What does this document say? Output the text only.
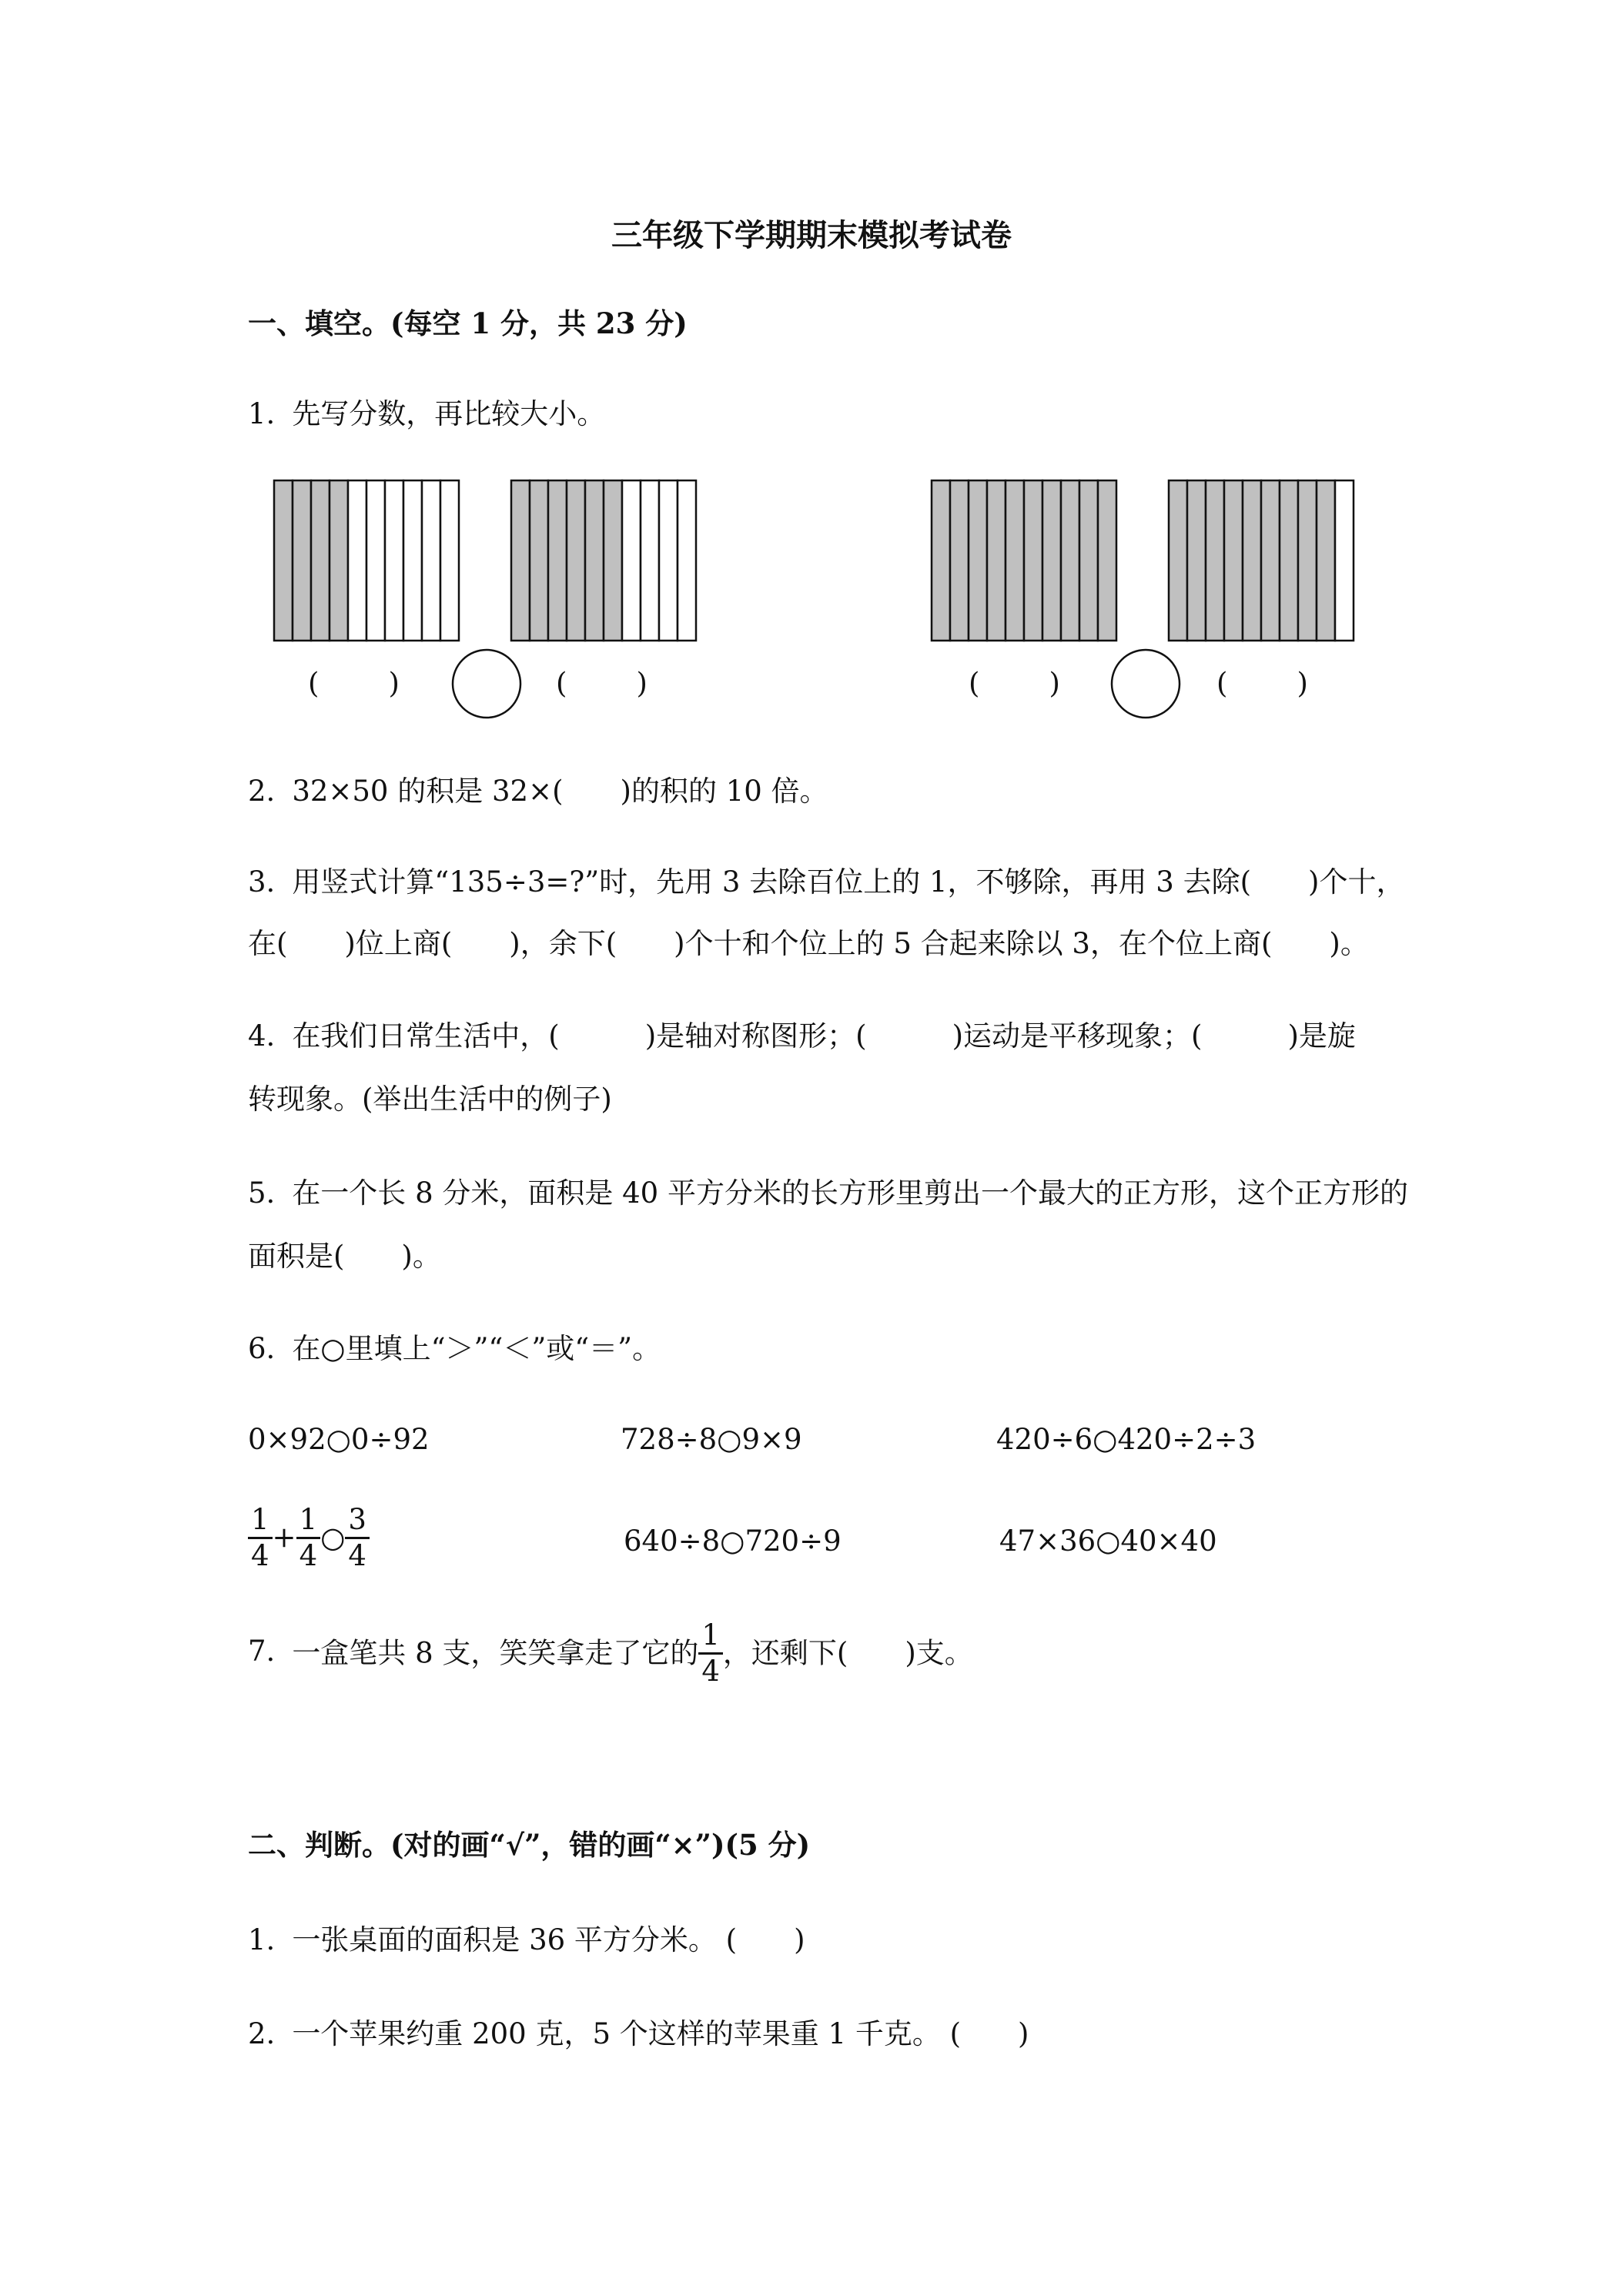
三年级下学期期末模拟考试卷
一、填空。(每空 1 分，共 23 分)
1. 先写分数，再比较大小。
( )	( )	( )	( )
2. 32×50 的积是 32×(　　)的积的 10 倍。
3. 用竖式计算“135÷3=?”时，先用 3 去除百位上的 1，不够除，再用 3 去除(　　)个十，
在(　　)位上商(　　)，余下(　　)个十和个位上的 5 合起来除以 3，在个位上商(　　)。
4. 在我们日常生活中，(　　　)是轴对称图形；(　　　)运动是平移现象；(　　　)是旋
转现象。(举出生活中的例子)
5. 在一个长 8 分米，面积是 40 平方分米的长方形里剪出一个最大的正方形，这个正方形的
面积是(　　)。
6. 在○里填上“＞”“＜”或“＝”。
0×92○0÷92	728÷8○9×9	420÷6○420÷2÷3
$\frac{1}{4} + \frac{1}{4}$ ○ $\frac{3}{4}$	640÷8○720÷9	47×36○40×40
7. 一盒笔共 8 支，笑笑拿走了它的 $\frac{1}{4}$ ，还剩下(　　)支。
二、判断。(对的画“√”，错的画“×”)(5 分)
1. 一张桌面的面积是 36 平方分米。 (　　)
2. 一个苹果约重 200 克，5 个这样的苹果重 1 千克。 (　　)
